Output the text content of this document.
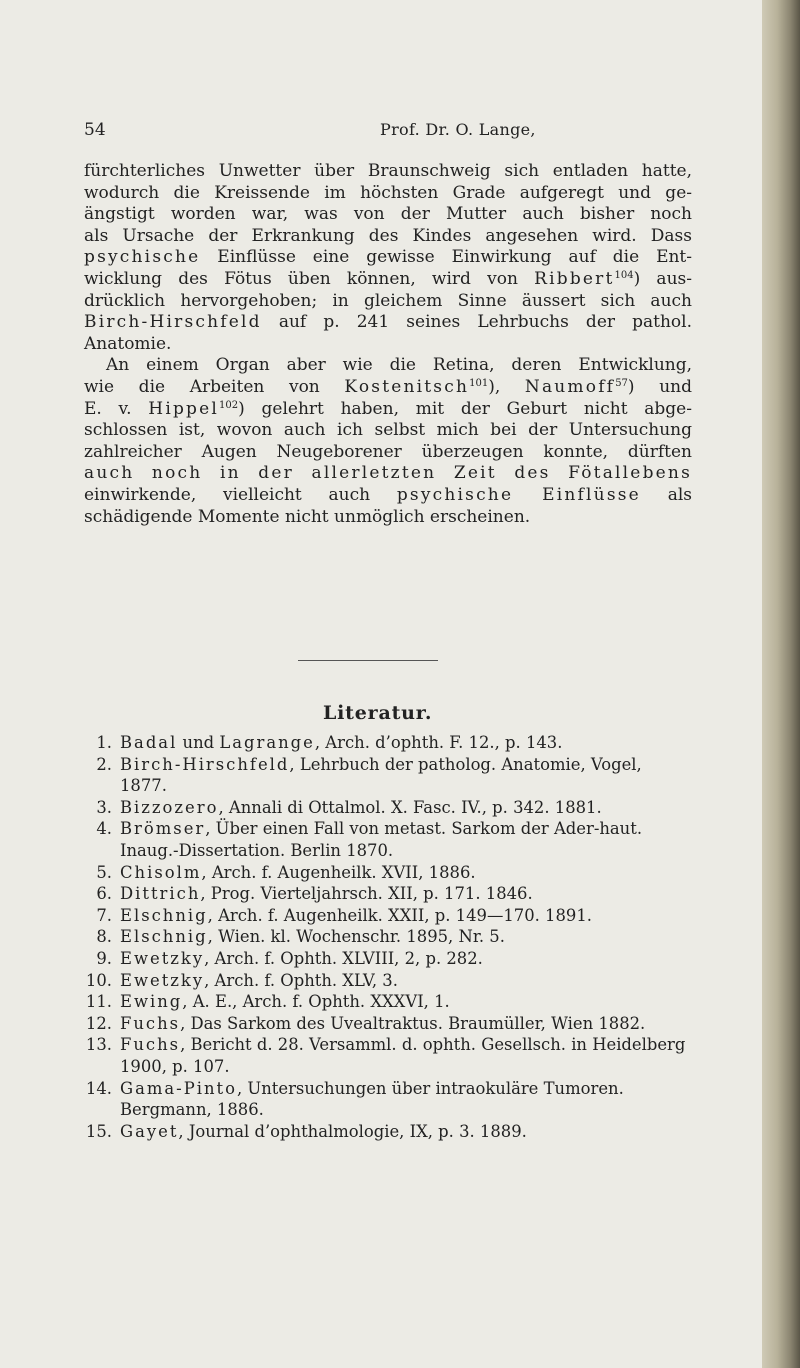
54	Prof. Dr. O. Lange,
fürchterliches Unwetter über Braunschweig sich entladen hatte,
wodurch die Kreissende im höchsten Grade aufgeregt und ge-
ängstigt worden war, was von der Mutter auch bisher noch
als Ursache der Erkrankung des Kindes angesehen wird. Dass
psychische Einflüsse eine gewisse Einwirkung auf die Ent-
wicklung des Fötus üben können, wird von Ribbert$^{104}$) aus-
drücklich hervorgehoben; in gleichem Sinne äussert sich auch
Birch-Hirschfeld auf p. 241 seines Lehrbuchs der pathol.
Anatomie.
An einem Organ aber wie die Retina, deren Entwicklung,
wie die Arbeiten von Kostenitsch$^{101}$), Naumoff$^{57}$) und
E. v. Hippel$^{102}$) gelehrt haben, mit der Geburt nicht abge-
schlossen ist, wovon auch ich selbst mich bei der Untersuchung
zahlreicher Augen Neugeborener überzeugen konnte, dürften
auch noch in der allerletzten Zeit des Fötallebens
einwirkende, vielleicht auch psychische Einflüsse als
schädigende Momente nicht unmöglich erscheinen.
Literatur.
1. Badal und Lagrange, Arch. d’ophth. F. 12., p. 143.
2. Birch-Hirschfeld, Lehrbuch der patholog. Anatomie, Vogel, 1877.
3. Bizzozero, Annali di Ottalmol. X. Fasc. IV., p. 342. 1881.
4. Brömser, Über einen Fall von metast. Sarkom der Ader-haut. Inaug.-Dissertation. Berlin 1870.
5. Chisolm, Arch. f. Augenheilk. XVII, 1886.
6. Dittrich, Prog. Vierteljahrsch. XII, p. 171. 1846.
7. Elschnig, Arch. f. Augenheilk. XXII, p. 149—170. 1891.
8. Elschnig, Wien. kl. Wochenschr. 1895, Nr. 5.
9. Ewetzky, Arch. f. Ophth. XLVIII, 2, p. 282.
10. Ewetzky, Arch. f. Ophth. XLV, 3.
11. Ewing, A. E., Arch. f. Ophth. XXXVI, 1.
12. Fuchs, Das Sarkom des Uvealtraktus. Braumüller, Wien 1882.
13. Fuchs, Bericht d. 28. Versamml. d. ophth. Gesellsch. in Heidelberg 1900, p. 107.
14. Gama-Pinto, Untersuchungen über intraokuläre Tumoren. Bergmann, 1886.
15. Gayet, Journal d’ophthalmologie, IX, p. 3. 1889.
